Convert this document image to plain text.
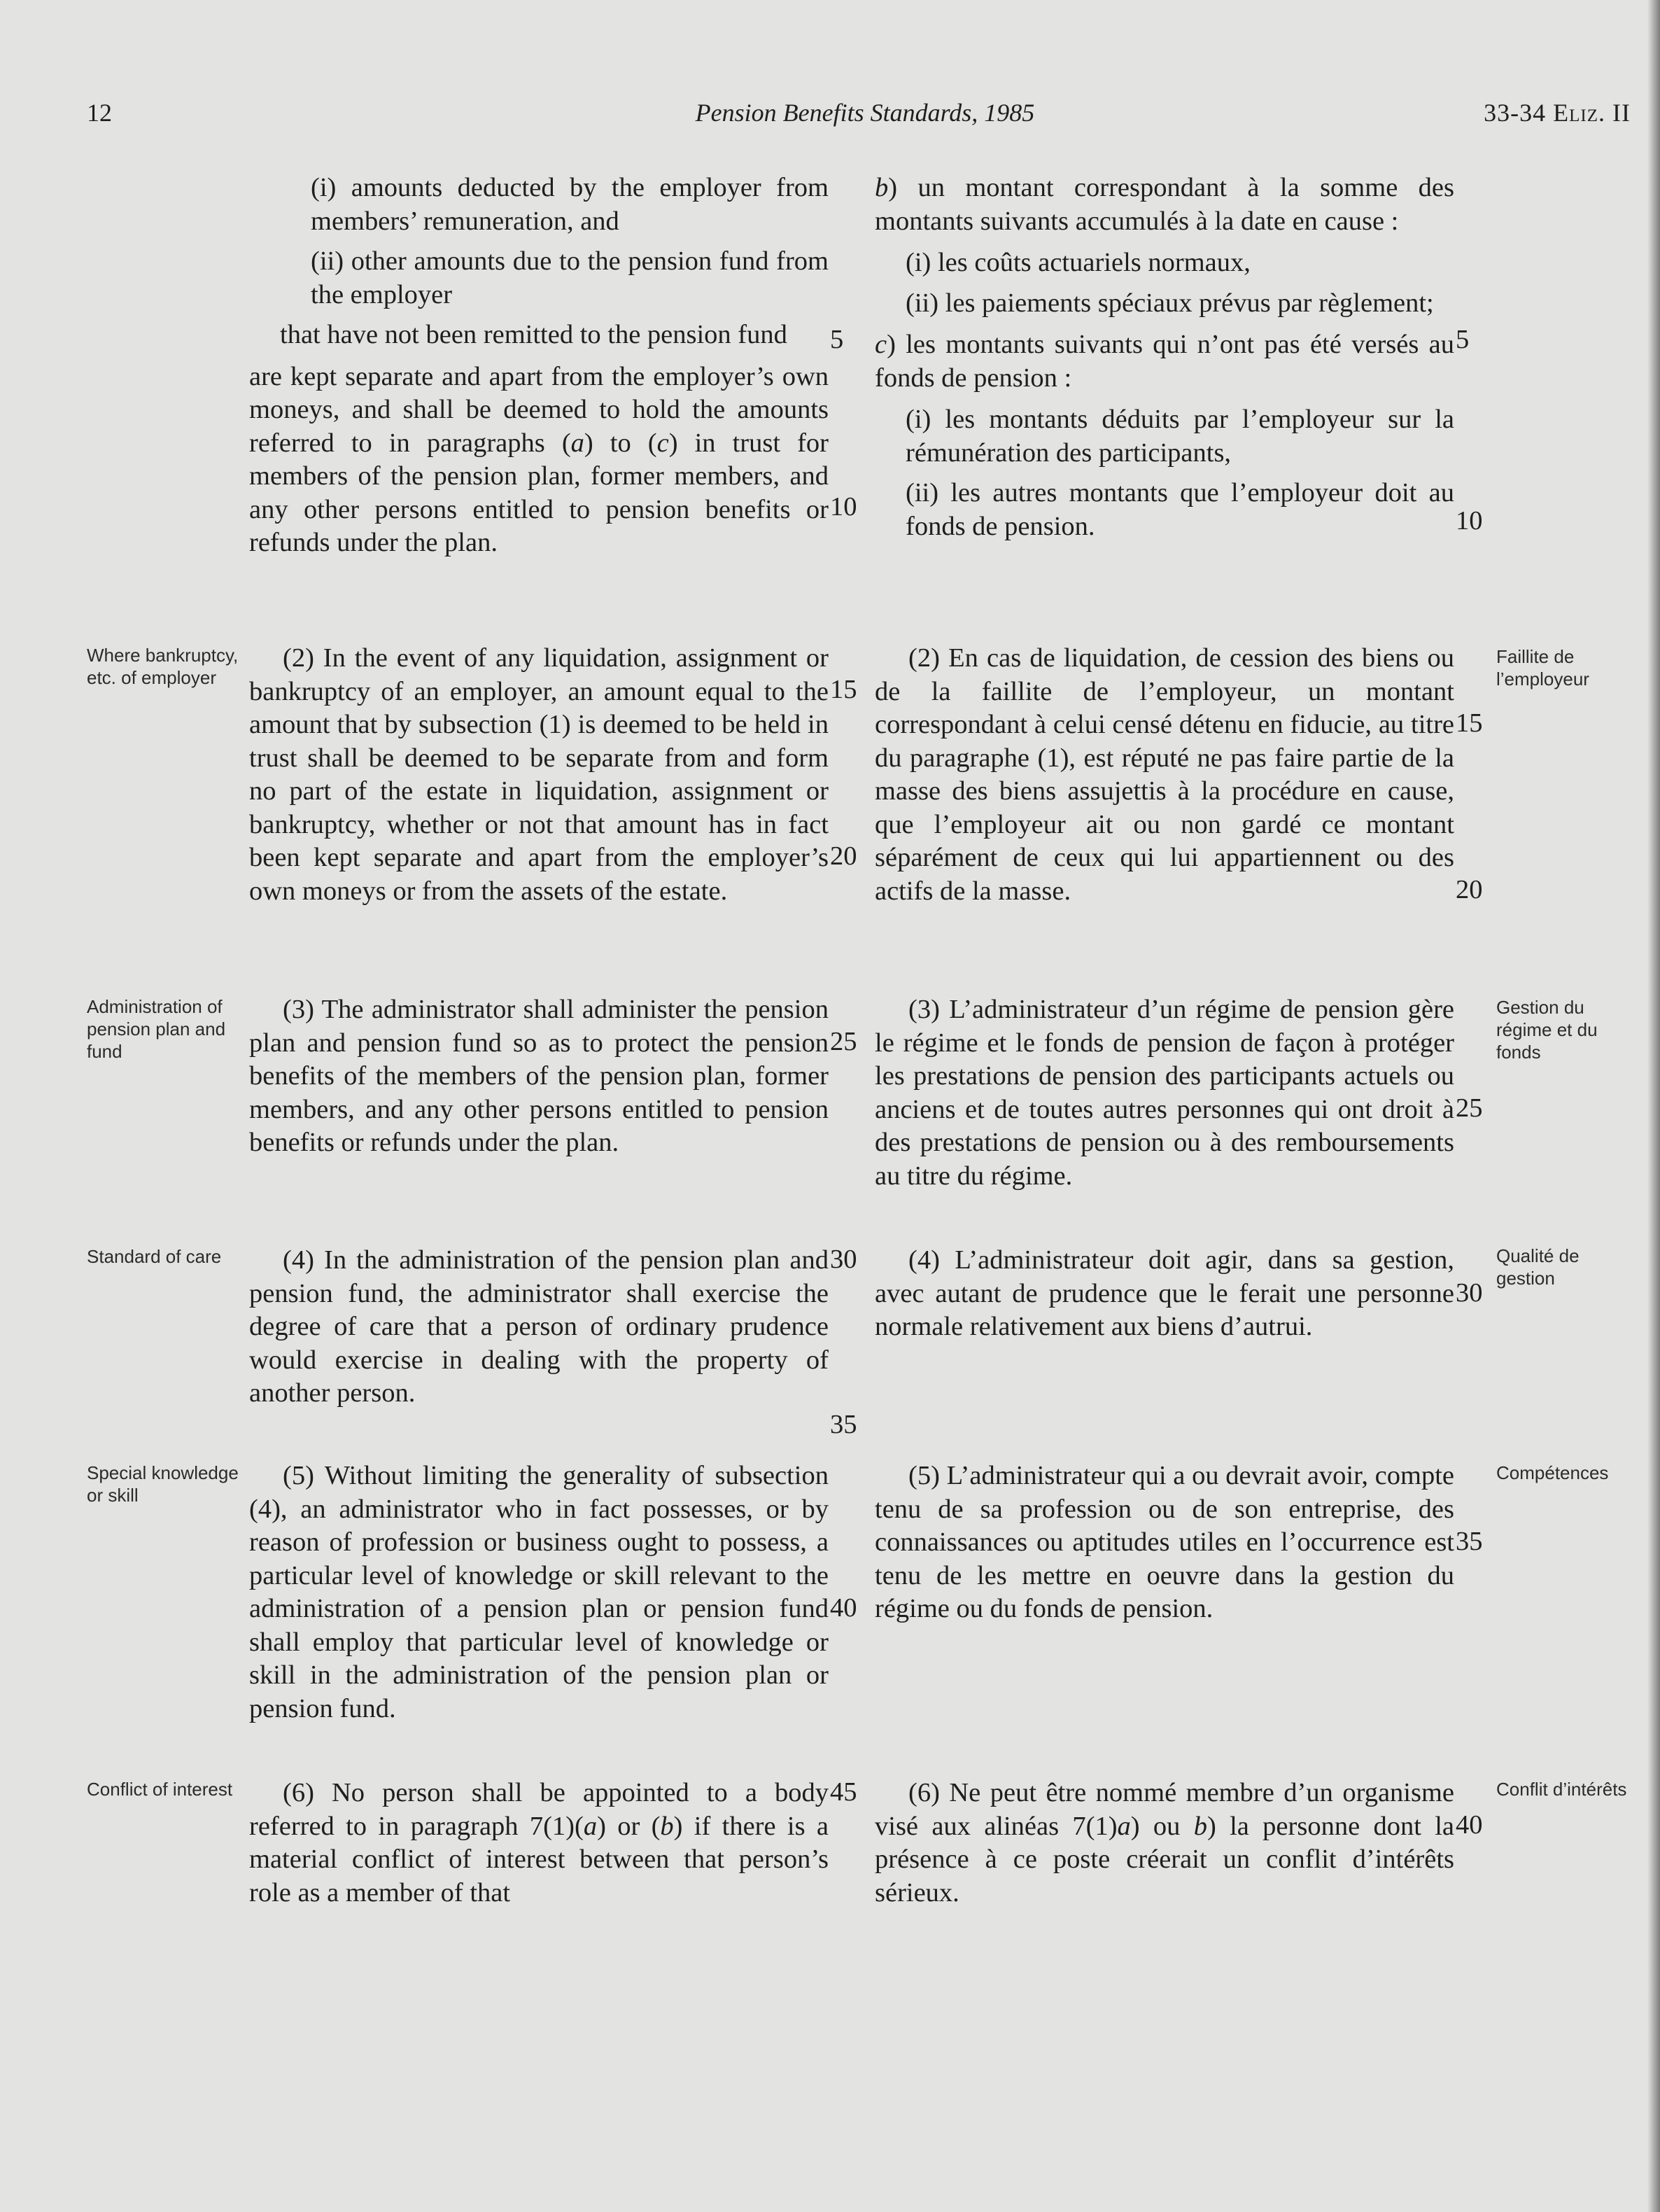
12	Pension Benefits Standards, 1985	33-34 Eliz. II

(i) amounts deducted by the employer from members’ remuneration, and

(ii) other amounts due to the pension fund from the employer

that have not been remitted to the pension fund

are kept separate and apart from the employer’s own moneys, and shall be deemed to hold the amounts referred to in paragraphs (a) to (c) in trust for members of the pension plan, former members, and any other persons entitled to pension benefits or refunds under the plan.

(2) In the event of any liquidation, assignment or bankruptcy of an employer, an amount equal to the amount that by subsection (1) is deemed to be held in trust shall be deemed to be separate from and form no part of the estate in liquidation, assignment or bankruptcy, whether or not that amount has in fact been kept separate and apart from the employer’s own moneys or from the assets of the estate.

(3) The administrator shall administer the pension plan and pension fund so as to protect the pension benefits of the members of the pension plan, former members, and any other persons entitled to pension benefits or refunds under the plan.

(4) In the administration of the pension plan and pension fund, the administrator shall exercise the degree of care that a person of ordinary prudence would exercise in dealing with the property of another person.

(5) Without limiting the generality of subsection (4), an administrator who in fact possesses, or by reason of profession or business ought to possess, a particular level of knowledge or skill relevant to the administration of a pension plan or pension fund shall employ that particular level of knowledge or skill in the administration of the pension plan or pension fund.

(6) No person shall be appointed to a body referred to in paragraph 7(1)(a) or (b) if there is a material conflict of interest between that person’s role as a member of that

5
10
15
20
25
30
35
40
45

b) un montant correspondant à la somme des montants suivants accumulés à la date en cause :

(i) les coûts actuariels normaux,

(ii) les paiements spéciaux prévus par règlement;

c) les montants suivants qui n’ont pas été versés au fonds de pension :

(i) les montants déduits par l’employeur sur la rémunération des participants,

(ii) les autres montants que l’employeur doit au fonds de pension.

(2) En cas de liquidation, de cession des biens ou de la faillite de l’employeur, un montant correspondant à celui censé détenu en fiducie, au titre du paragraphe (1), est réputé ne pas faire partie de la masse des biens assujettis à la procédure en cause, que l’employeur ait ou non gardé ce montant séparément de ceux qui lui appartiennent ou des actifs de la masse.

(3) L’administrateur d’un régime de pension gère le régime et le fonds de pension de façon à protéger les prestations de pension des participants actuels ou anciens et de toutes autres personnes qui ont droit à des prestations de pension ou à des remboursements au titre du régime.

(4) L’administrateur doit agir, dans sa gestion, avec autant de prudence que le ferait une personne normale relativement aux biens d’autrui.

(5) L’administrateur qui a ou devrait avoir, compte tenu de sa profession ou de son entreprise, des connaissances ou aptitudes utiles en l’occurrence est tenu de les mettre en oeuvre dans la gestion du régime ou du fonds de pension.

(6) Ne peut être nommé membre d’un organisme visé aux alinéas 7(1)a) ou b) la personne dont la présence à ce poste créerait un conflit d’intérêts sérieux.

5
10
15
20
25
30
35
40
Where bankruptcy, etc. of employer
Administration of pension plan and fund
Standard of care
Special knowledge or skill
Conflict of interest
Faillite de l’employeur
Gestion du régime et du fonds
Qualité de gestion
Compétences
Conflit d’intérêts
